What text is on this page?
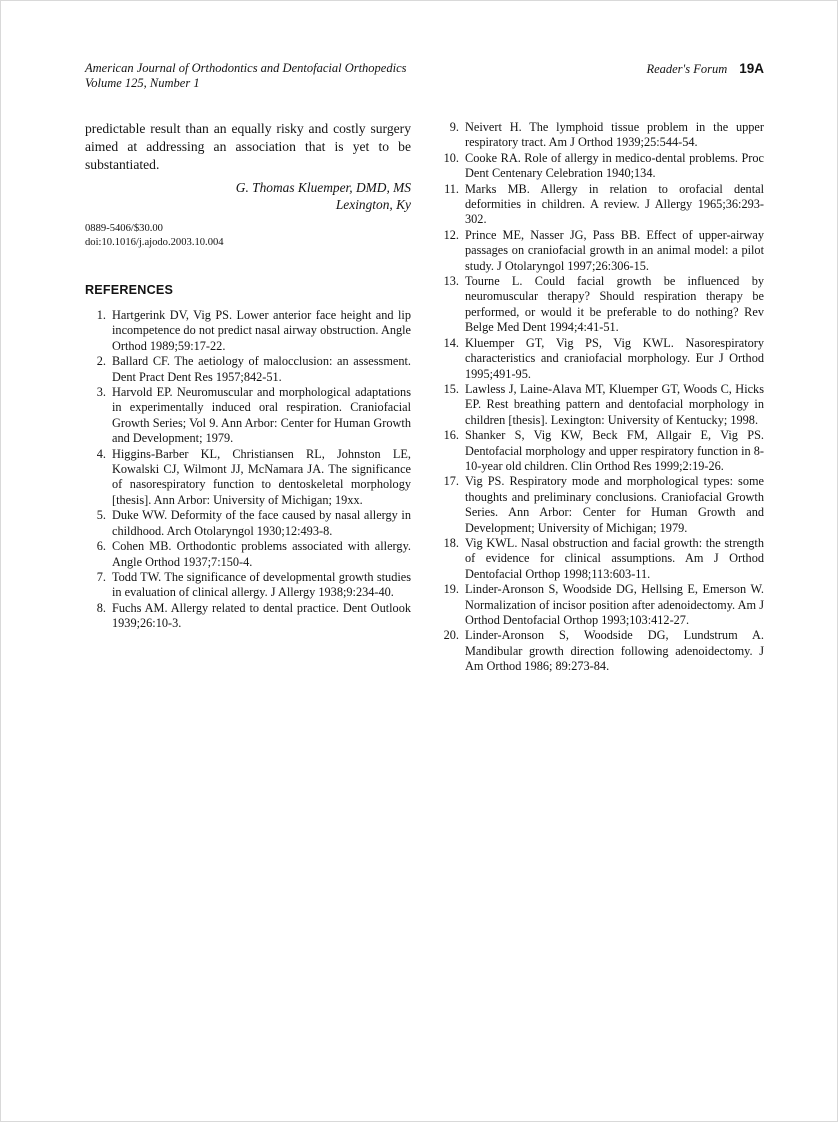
American Journal of Orthodontics and Dentofacial Orthopedics
Volume 125, Number 1
Reader's Forum 19A

predictable result than an equally risky and costly surgery aimed at addressing an association that is yet to be substantiated.

G. Thomas Kluemper, DMD, MS
Lexington, Ky
0889-5406/$30.00
doi:10.1016/j.ajodo.2003.10.004
REFERENCES
1. Hartgerink DV, Vig PS. Lower anterior face height and lip incompetence do not predict nasal airway obstruction. Angle Orthod 1989;59:17-22.
2. Ballard CF. The aetiology of malocclusion: an assessment. Dent Pract Dent Res 1957;842-51.
3. Harvold EP. Neuromuscular and morphological adaptations in experimentally induced oral respiration. Craniofacial Growth Series; Vol 9. Ann Arbor: Center for Human Growth and Development; 1979.
4. Higgins-Barber KL, Christiansen RL, Johnston LE, Kowalski CJ, Wilmont JJ, McNamara JA. The significance of nasorespiratory function to dentoskeletal morphology [thesis]. Ann Arbor: University of Michigan; 19xx.
5. Duke WW. Deformity of the face caused by nasal allergy in childhood. Arch Otolaryngol 1930;12:493-8.
6. Cohen MB. Orthodontic problems associated with allergy. Angle Orthod 1937;7:150-4.
7. Todd TW. The significance of developmental growth studies in evaluation of clinical allergy. J Allergy 1938;9:234-40.
8. Fuchs AM. Allergy related to dental practice. Dent Outlook 1939;26:10-3.
9. Neivert H. The lymphoid tissue problem in the upper respiratory tract. Am J Orthod 1939;25:544-54.
10. Cooke RA. Role of allergy in medico-dental problems. Proc Dent Centenary Celebration 1940;134.
11. Marks MB. Allergy in relation to orofacial dental deformities in children. A review. J Allergy 1965;36:293-302.
12. Prince ME, Nasser JG, Pass BB. Effect of upper-airway passages on craniofacial growth in an animal model: a pilot study. J Otolaryngol 1997;26:306-15.
13. Tourne L. Could facial growth be influenced by neuromuscular therapy? Should respiration therapy be performed, or would it be preferable to do nothing? Rev Belge Med Dent 1994;4:41-51.
14. Kluemper GT, Vig PS, Vig KWL. Nasorespiratory characteristics and craniofacial morphology. Eur J Orthod 1995;491-95.
15. Lawless J, Laine-Alava MT, Kluemper GT, Woods C, Hicks EP. Rest breathing pattern and dentofacial morphology in children [thesis]. Lexington: University of Kentucky; 1998.
16. Shanker S, Vig KW, Beck FM, Allgair E, Vig PS. Dentofacial morphology and upper respiratory function in 8-10-year old children. Clin Orthod Res 1999;2:19-26.
17. Vig PS. Respiratory mode and morphological types: some thoughts and preliminary conclusions. Craniofacial Growth Series. Ann Arbor: Center for Human Growth and Development; University of Michigan; 1979.
18. Vig KWL. Nasal obstruction and facial growth: the strength of evidence for clinical assumptions. Am J Orthod Dentofacial Orthop 1998;113:603-11.
19. Linder-Aronson S, Woodside DG, Hellsing E, Emerson W. Normalization of incisor position after adenoidectomy. Am J Orthod Dentofacial Orthop 1993;103:412-27.
20. Linder-Aronson S, Woodside DG, Lundstrum A. Mandibular growth direction following adenoidectomy. J Am Orthod 1986; 89:273-84.
